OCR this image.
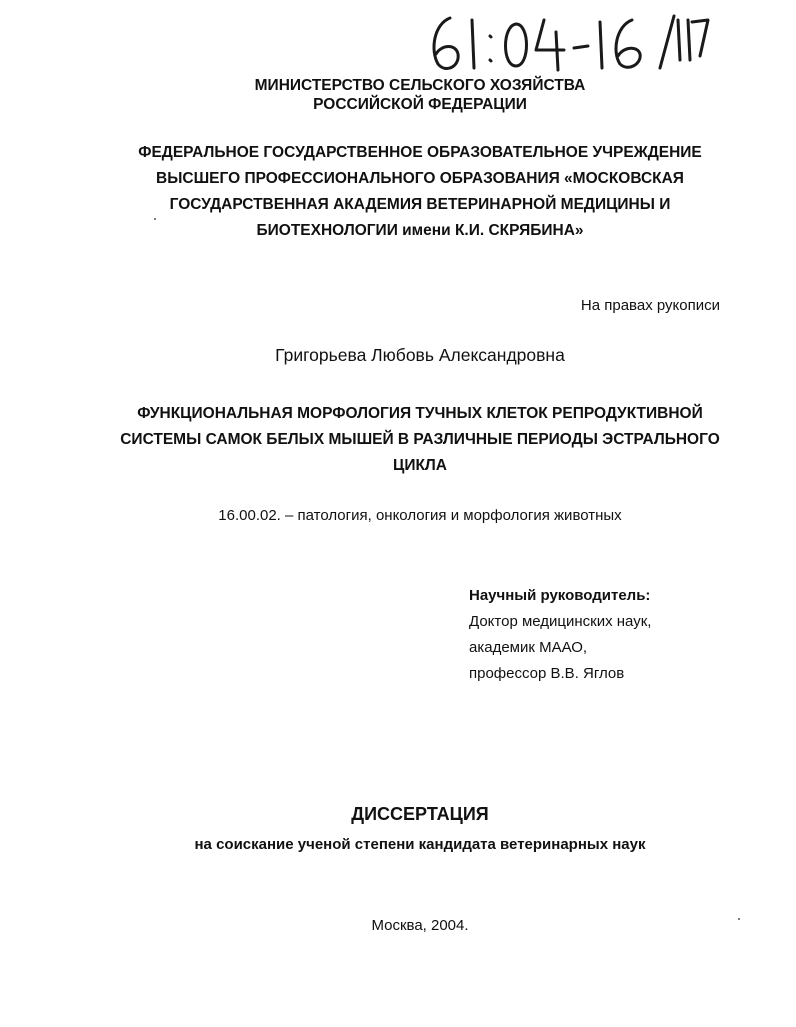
МИНИСТЕРСТВО СЕЛЬСКОГО ХОЗЯЙСТВА
РОССИЙСКОЙ ФЕДЕРАЦИИ
ФЕДЕРАЛЬНОЕ ГОСУДАРСТВЕННОЕ ОБРАЗОВАТЕЛЬНОЕ УЧРЕЖДЕНИЕ
ВЫСШЕГО ПРОФЕССИОНАЛЬНОГО ОБРАЗОВАНИЯ «МОСКОВСКАЯ
ГОСУДАРСТВЕННАЯ АКАДЕМИЯ ВЕТЕРИНАРНОЙ МЕДИЦИНЫ И
БИОТЕХНОЛОГИИ имени К.И. СКРЯБИНА»
На правах рукописи
Григорьева Любовь Александровна
ФУНКЦИОНАЛЬНАЯ МОРФОЛОГИЯ ТУЧНЫХ КЛЕТОК РЕПРОДУКТИВНОЙ
СИСТЕМЫ САМОК БЕЛЫХ МЫШЕЙ В РАЗЛИЧНЫЕ ПЕРИОДЫ ЭСТРАЛЬНОГО
ЦИКЛА
16.00.02. – патология, онкология и морфология животных
Научный руководитель:
Доктор медицинских наук,
академик МААО,
профессор В.В. Яглов
ДИССЕРТАЦИЯ
на соискание ученой степени кандидата ветеринарных наук
Москва, 2004.
